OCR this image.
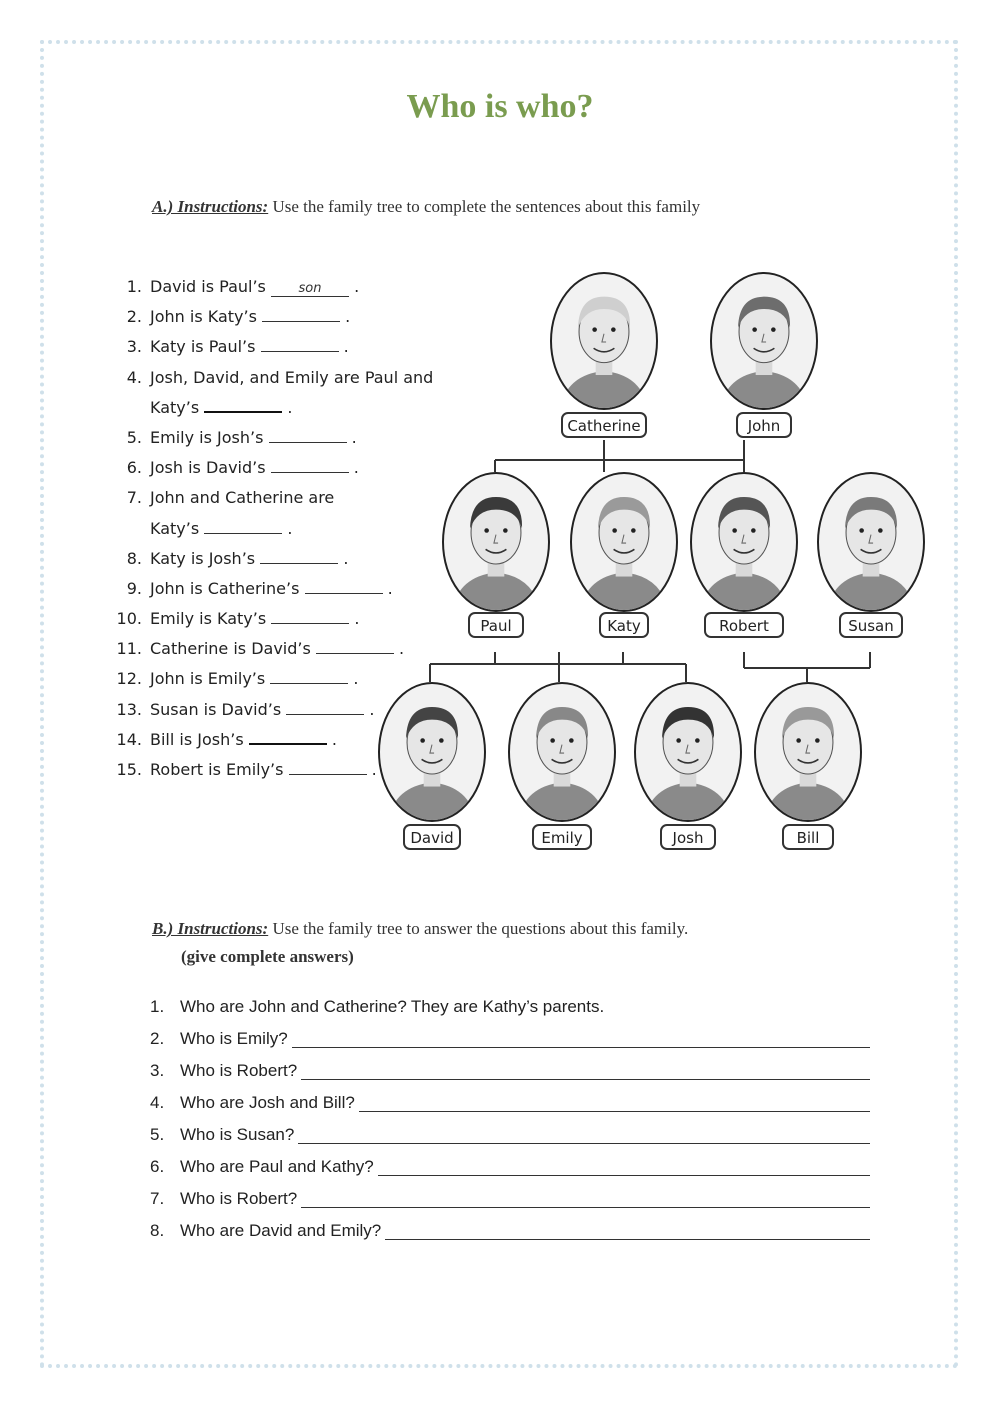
Who is who?
A.) Instructions: Use the family tree to complete the sentences about this family
1. David is Paul’s	son .
2. John is Katy’s	.
3. Katy is Paul’s	.
4. Josh, David, and Emily are Paul and
Katy’s	.
5. Emily is Josh’s	.
6. Josh is David’s	.
7. John and Catherine are
Katy’s	.
8. Katy is Josh’s	.
9. John is Catherine’s	.
10. Emily is Katy’s	.
11. Catherine is David’s	.
12. John is Emily’s	.
13. Susan is David’s	.
14. Bill is Josh’s	.
15. Robert is Emily’s	.
Catherine	John
Paul	Katy	Robert	Susan
David	Emily	Josh	Bill
B.) Instructions: Use the family tree to answer the questions about this family.
(give complete answers)
1. Who are John and Catherine? They are Kathy’s parents.
2. Who is Emily?
3. Who is Robert?
4. Who are Josh and Bill?
5. Who is Susan?
6. Who are Paul and Kathy?
7. Who is Robert?
8. Who are David and Emily?
